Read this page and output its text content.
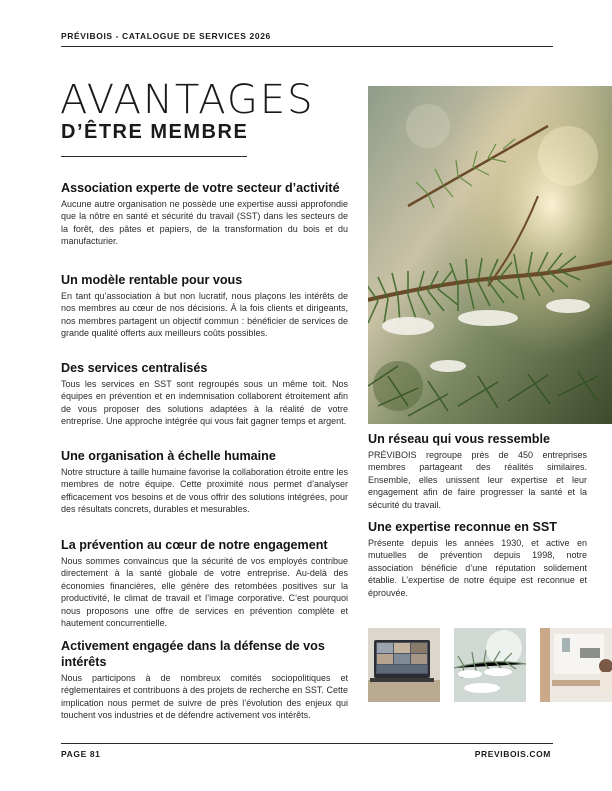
PRÉVIBOIS - CATALOGUE DE SERVICES 2026
AVANTAGES
D’ÊTRE MEMBRE
Association experte de votre secteur d’activité

Aucune autre organisation ne possède une expertise aussi approfondie que la nôtre en santé et sécurité du travail (SST) dans les secteurs de la forêt, des pâtes et papiers, de la transformation du bois et du manufacturier.

Un modèle rentable pour vous

En tant qu’association à but non lucratif, nous plaçons les intérêts de nos membres au cœur de nos décisions. À la fois clients et dirigeants, nos membres partagent un objectif commun : bénéficier de services de grande qualité offerts aux meilleurs coûts possibles.

Des services centralisés

Tous les services en SST sont regroupés sous un même toit. Nos équipes en prévention et en indemnisation collaborent étroitement afin de vous proposer des solutions adaptées à la réalité de votre entreprise. Une approche intégrée qui vous fait gagner temps et argent.

Une organisation à échelle humaine

Notre structure à taille humaine favorise la collaboration étroite entre les membres de notre équipe. Cette proximité nous permet d’analyser efficacement vos besoins et de vous offrir des solutions intégrées, pour des résultats concrets, durables et mesurables.

La prévention au cœur de notre engagement

Nous sommes convaincus que la sécurité de vos employés contribue directement à la santé globale de votre entreprise. Au-delà des économies financières, elle génère des retombées positives sur la productivité, le climat de travail et l’image corporative. C’est pourquoi nous proposons une offre de services en prévention complète et hautement concurrentielle.

Activement engagée dans la défense de vos intérêts

Nous participons à de nombreux comités sociopolitiques et réglementaires et contribuons à des projets de recherche en SST. Cette implication nous permet de suivre de près l’évolution des enjeux qui touchent vos industries et de défendre activement vos intérêts.

Un réseau qui vous ressemble

PRÉVIBOIS regroupe près de 450 entreprises membres partageant des réalités similaires. Ensemble, elles unissent leur expertise et leur engagement afin de faire progresser la santé et la sécurité du travail.

Une expertise reconnue en SST

Présente depuis les années 1930, et active en mutuelles de prévention depuis 1998, notre association bénéficie d’une réputation solidement établie. L’expertise de notre équipe est reconnue et éprouvée.

PAGE 81	PREVIBOIS.COM
